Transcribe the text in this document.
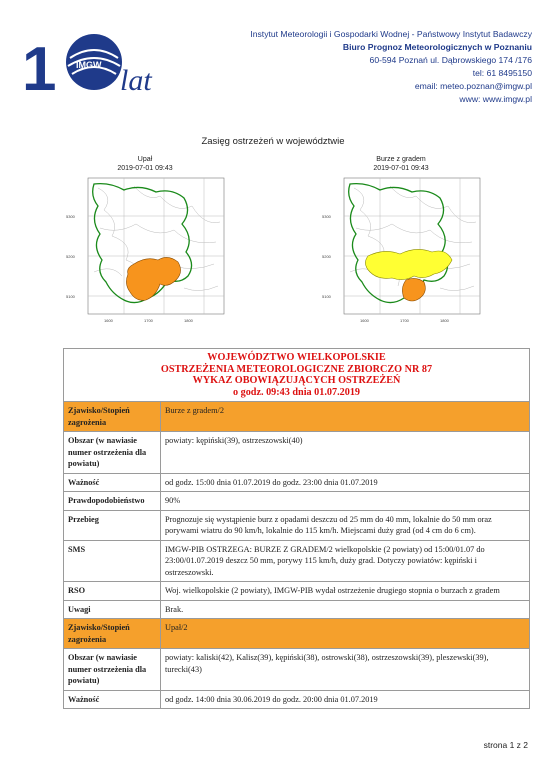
1 IMGW lat
Instytut Meteorologii i Gospodarki Wodnej - Państwowy Instytut Badawczy
Biuro Prognoz Meteorologicznych w Poznaniu
60-594 Poznań ul. Dąbrowskiego 174 /176
tel: 61 8495150
email: meteo.poznan@imgw.pl
www: www.imgw.pl
Zasięg ostrzeżeń w województwie
Upał
2019-07-01 09:43
5300
5200
5100
1600	1700	1800
Burze z gradem
2019-07-01 09:43
5300
5200
5100
1600	1700	1800
WOJEWÓDZTWO WIELKOPOLSKIE
OSTRZEŻENIA METEOROLOGICZNE ZBIORCZO NR 87
WYKAZ OBOWIĄZUJĄCYCH OSTRZEŻEŃ
o godz. 09:43 dnia 01.07.2019	

Zjawisko/Stopień zagrożenia	Burze z gradem/2
Obszar (w nawiasie numer ostrzeżenia dla powiatu)	powiaty: kępiński(39), ostrzeszowski(40)
Ważność	od godz. 15:00 dnia 01.07.2019 do godz. 23:00 dnia 01.07.2019
Prawdopodobieństwo	90%
Przebieg	Prognozuje się wystąpienie burz z opadami deszczu od 25 mm do 40 mm, lokalnie do 50 mm oraz porywami wiatru do 90 km/h, lokalnie do 115 km/h. Miejscami duży grad (od 4 cm do 6 cm).
SMS	IMGW-PIB OSTRZEGA: BURZE Z GRADEM/2 wielkopolskie (2 powiaty) od 15:00/01.07 do 23:00/01.07.2019 deszcz 50 mm, porywy 115 km/h, duży grad. Dotyczy powiatów: kępiński i ostrzeszowski.
RSO	Woj. wielkopolskie (2 powiaty), IMGW-PIB wydał ostrzeżenie drugiego stopnia o burzach z gradem
Uwagi	Brak.
Zjawisko/Stopień zagrożenia	Upał/2
Obszar (w nawiasie numer ostrzeżenia dla powiatu)	powiaty: kaliski(42), Kalisz(39), kępiński(38), ostrowski(38), ostrzeszowski(39), pleszewski(39), turecki(43)
Ważność	od godz. 14:00 dnia 30.06.2019 do godz. 20:00 dnia 01.07.2019
strona 1 z 2
